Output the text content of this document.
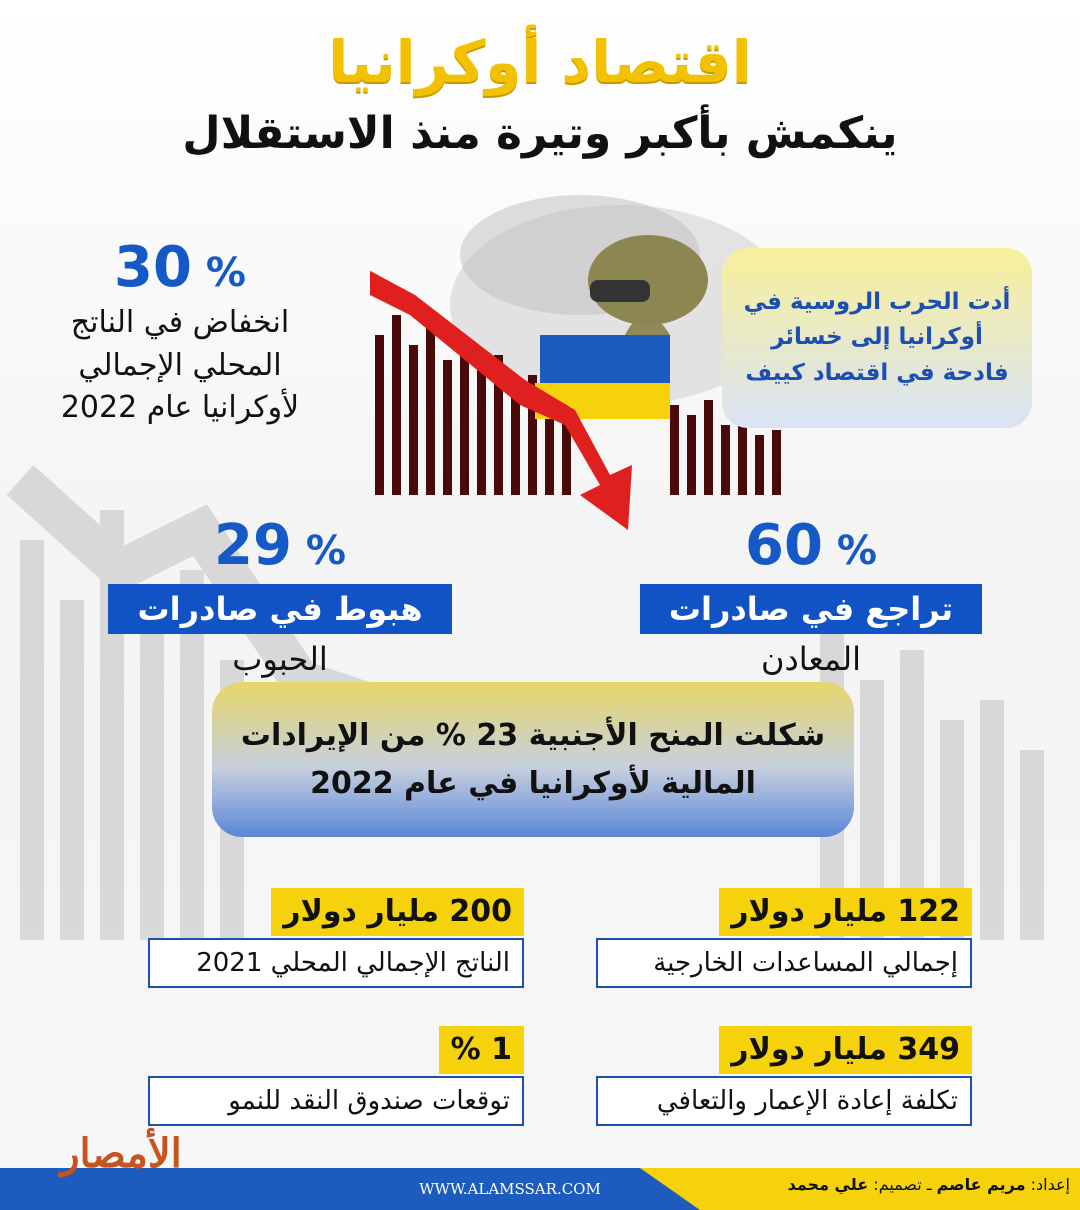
اقتصاد أوكرانيا
ينكمش بأكبر وتيرة منذ الاستقلال
أدت الحرب الروسية في أوكرانيا إلى خسائر فادحة في اقتصاد كييف
30 %
انخفاض في الناتج
المحلي الإجمالي
لأوكرانيا عام 2022
29 %
هبوط في صادرات
الحبوب
60 %
تراجع في صادرات
المعادن
شكلت المنح الأجنبية 23 % من الإيرادات
المالية لأوكرانيا في عام 2022
122 مليار دولار
إجمالي المساعدات الخارجية
200 مليار دولار
الناتج الإجمالي المحلي 2021
349 مليار دولار
تكلفة إعادة الإعمار والتعافي
1 %
توقعات صندوق النقد للنمو
الأمصار
WWW.ALAMSSAR.COM	إعداد: مريم عاصم ـ تصميم: علي محمد
